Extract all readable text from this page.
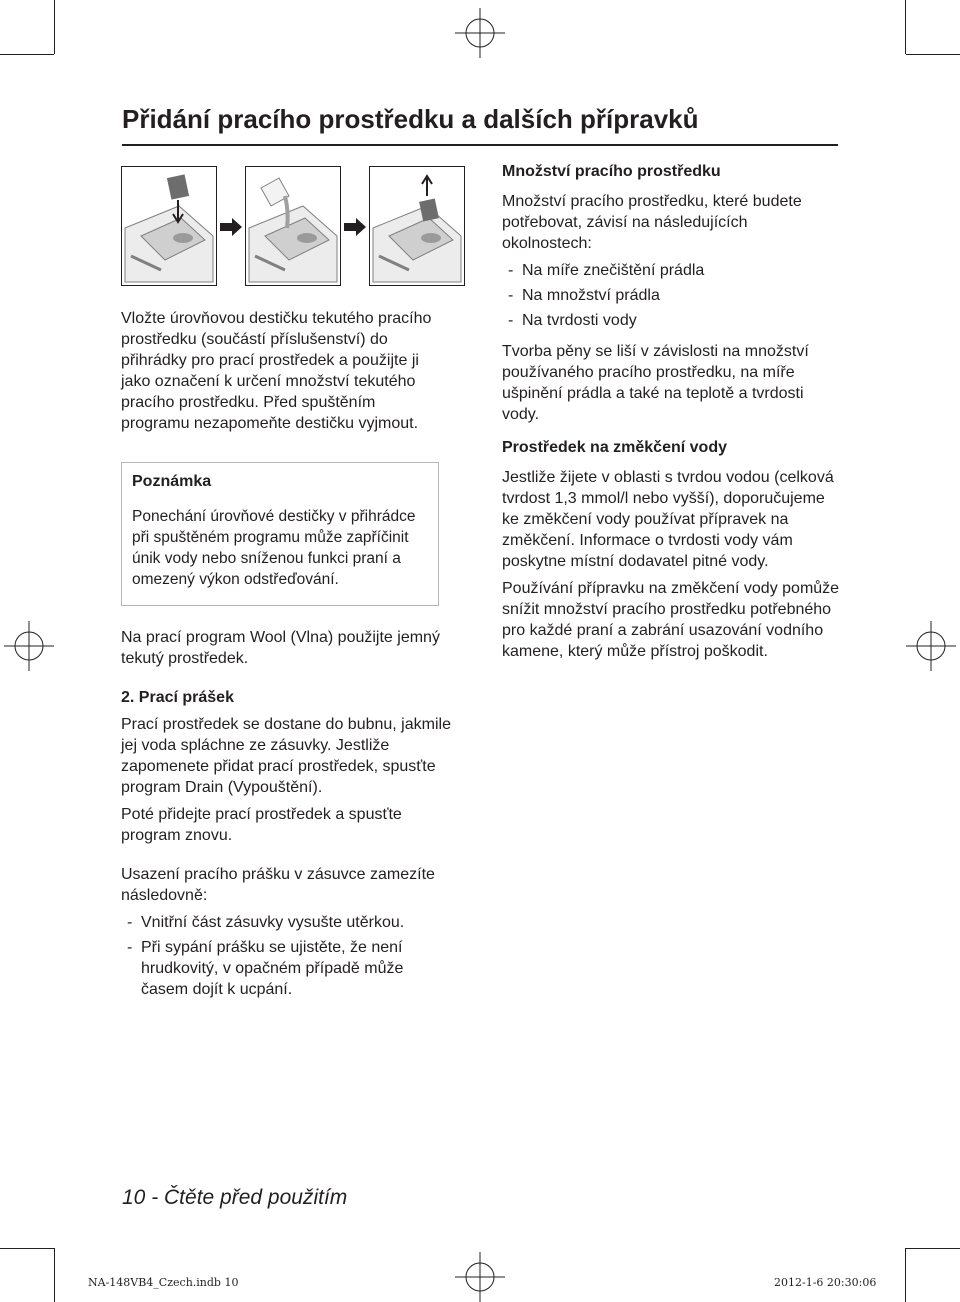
Přidání pracího prostředku a dalších přípravků

Vložte úrovňovou destičku tekutého pracího prostředku (součástí příslušenství) do přihrádky pro prací prostředek a použijte ji jako označení k určení množství tekutého pracího prostředku. Před spuštěním programu nezapomeňte destičku vyjmout.

Poznámka

Ponechání úrovňové destičky v přihrádce při spuštěném programu může zapříčinit únik vody nebo sníženou funkci praní a omezený výkon odstřeďování.

Na prací program Wool (Vlna) použijte jemný tekutý prostředek.

2. Prací prášek

Prací prostředek se dostane do bubnu, jakmile jej voda spláchne ze zásuvky. Jestliže zapomenete přidat prací prostředek, spusťte program Drain (Vypouštění).

Poté přidejte prací prostředek a spusťte program znovu.

Usazení pracího prášku v zásuvce zamezíte následovně:

- Vnitřní část zásuvky vysušte utěrkou.
- Při sypání prášku se ujistěte, že není hrudkovitý, v opačném případě může časem dojít k ucpání.
Množství pracího prostředku

Množství pracího prostředku, které budete potřebovat, závisí na následujících okolnostech:

- Na míře znečištění prádla
- Na množství prádla
- Na tvrdosti vody

Tvorba pěny se liší v závislosti na množství používaného pracího prostředku, na míře ušpinění prádla a také na teplotě a tvrdosti vody.

Prostředek na změkčení vody

Jestliže žijete v oblasti s tvrdou vodou (celková tvrdost 1,3 mmol/l nebo vyšší), doporučujeme ke změkčení vody používat přípravek na změkčení. Informace o tvrdosti vody vám poskytne místní dodavatel pitné vody.

Používání přípravku na změkčení vody pomůže snížit množství pracího prostředku potřebného pro každé praní a zabrání usazování vodního kamene, který může přístroj poškodit.

10 - Čtěte před použitím
NA-148VB4_Czech.indb 10	2012-1-6 20:30:06
